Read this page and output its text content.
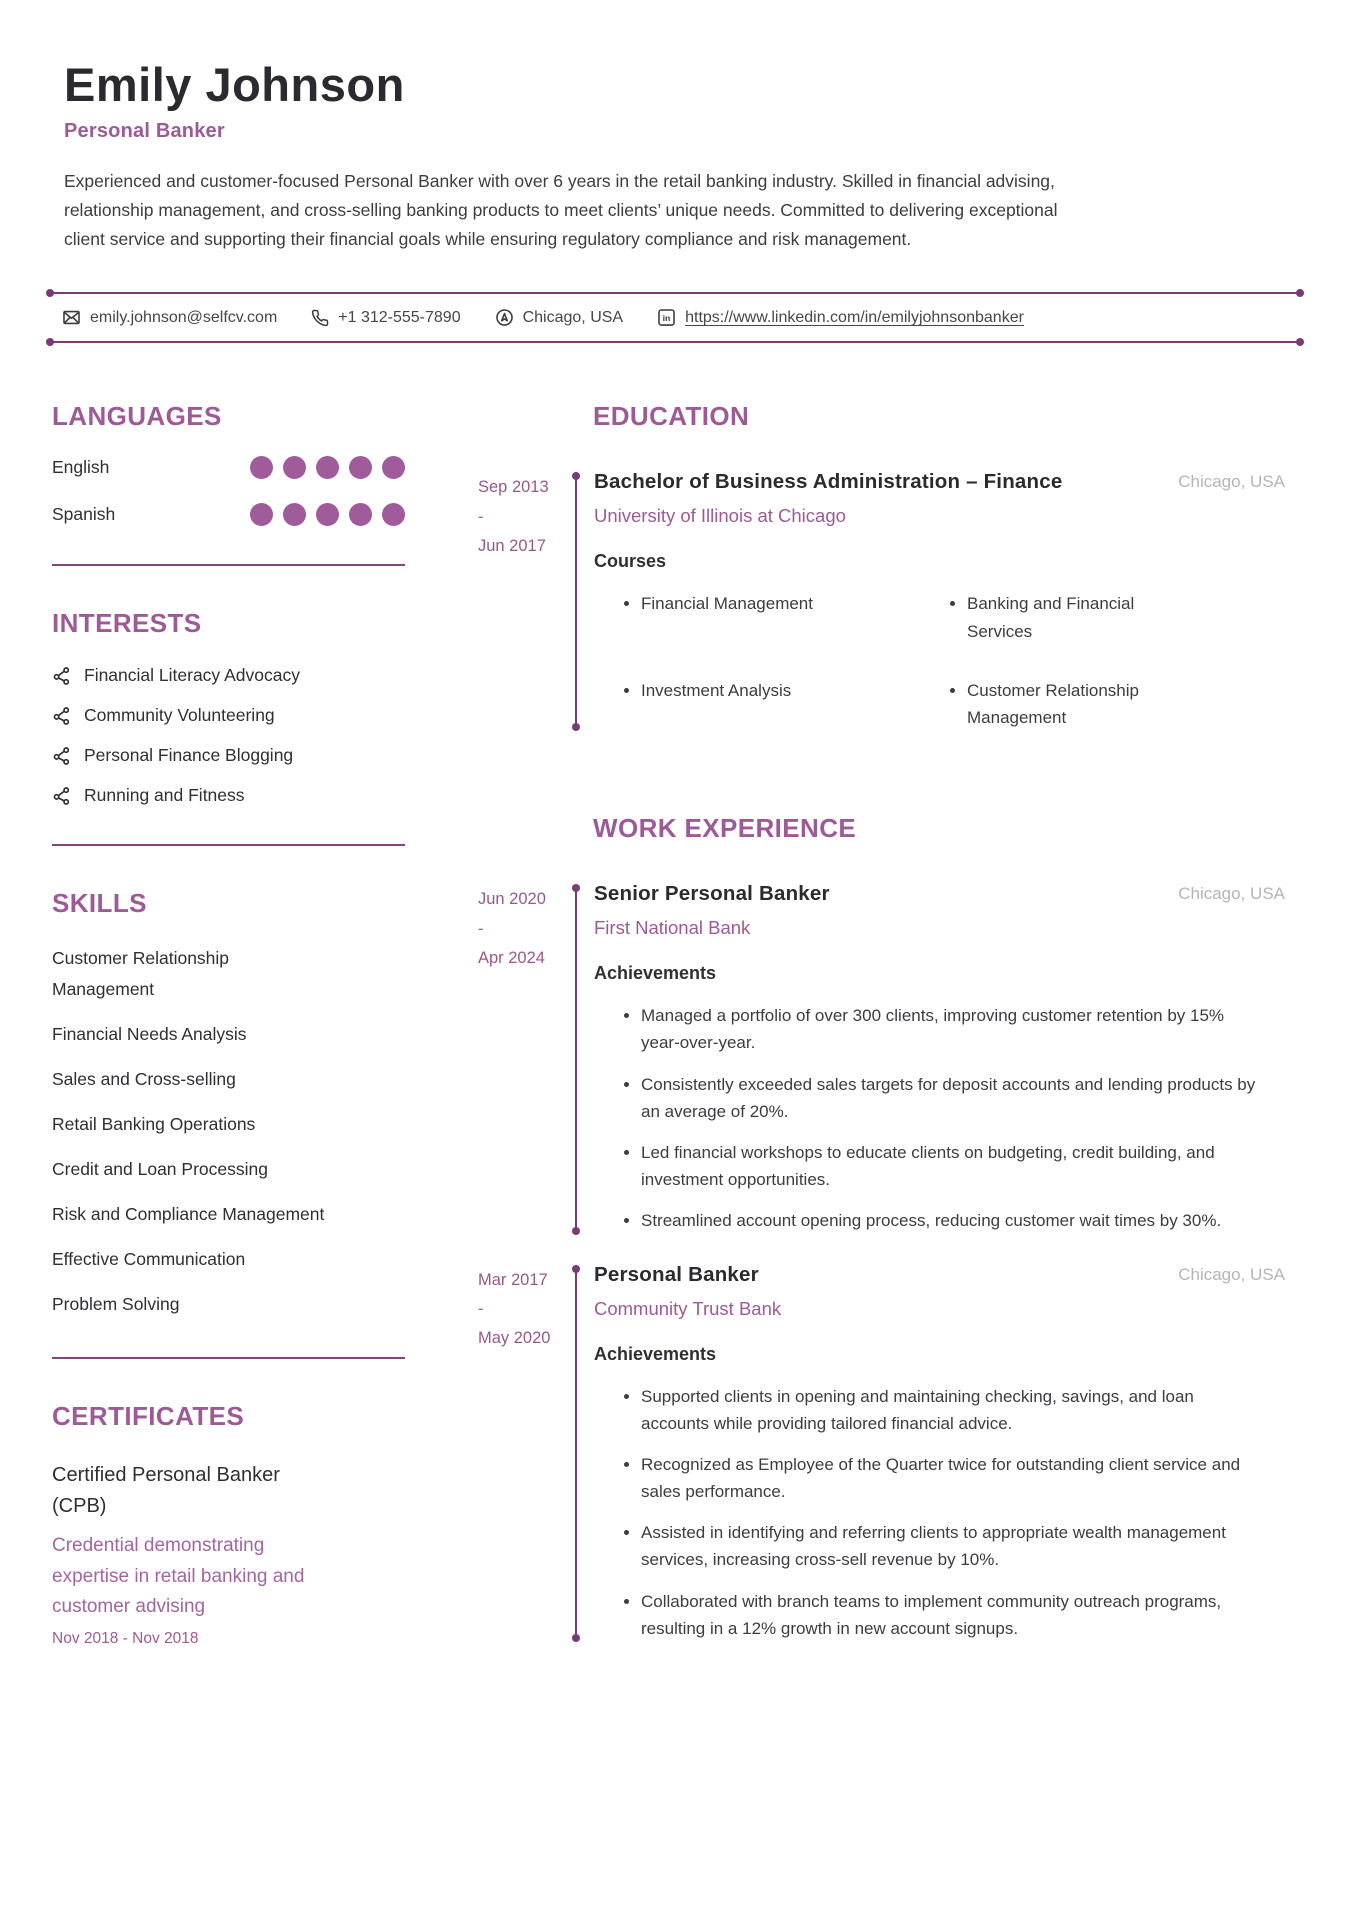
Emily Johnson
Personal Banker

Experienced and customer-focused Personal Banker with over 6 years in the retail banking industry. Skilled in financial advising, relationship management, and cross-selling banking products to meet clients’ unique needs. Committed to delivering exceptional client service and supporting their financial goals while ensuring regulatory compliance and risk management.

emily.johnson@selfcv.com	+1 312-555-7890	Chicago, USA	in https://www.linkedin.com/in/emilyjohnsonbanker
LANGUAGES
English
Spanish
INTERESTS
Financial Literacy Advocacy
Community Volunteering
Personal Finance Blogging
Running and Fitness
SKILLS
Customer Relationship Management
Financial Needs Analysis
Sales and Cross-selling
Retail Banking Operations
Credit and Loan Processing
Risk and Compliance Management
Effective Communication
Problem Solving
CERTIFICATES
Certified Personal Banker (CPB)
Credential demonstrating expertise in retail banking and customer advising
Nov 2018 - Nov 2018
EDUCATION
Sep 2013
-
Jun 2017
Bachelor of Business Administration – Finance	Chicago, USA
University of Illinois at Chicago
Courses
Financial Management	Banking and Financial Services
Investment Analysis	Customer Relationship Management
WORK EXPERIENCE
Jun 2020
-
Apr 2024
Senior Personal Banker	Chicago, USA
First National Bank
Achievements
Managed a portfolio of over 300 clients, improving customer retention by 15% year-over-year.
Consistently exceeded sales targets for deposit accounts and lending products by an average of 20%.
Led financial workshops to educate clients on budgeting, credit building, and investment opportunities.
Streamlined account opening process, reducing customer wait times by 30%.
Mar 2017
-
May 2020
Personal Banker	Chicago, USA
Community Trust Bank
Achievements
Supported clients in opening and maintaining checking, savings, and loan accounts while providing tailored financial advice.
Recognized as Employee of the Quarter twice for outstanding client service and sales performance.
Assisted in identifying and referring clients to appropriate wealth management services, increasing cross-sell revenue by 10%.
Collaborated with branch teams to implement community outreach programs, resulting in a 12% growth in new account signups.
